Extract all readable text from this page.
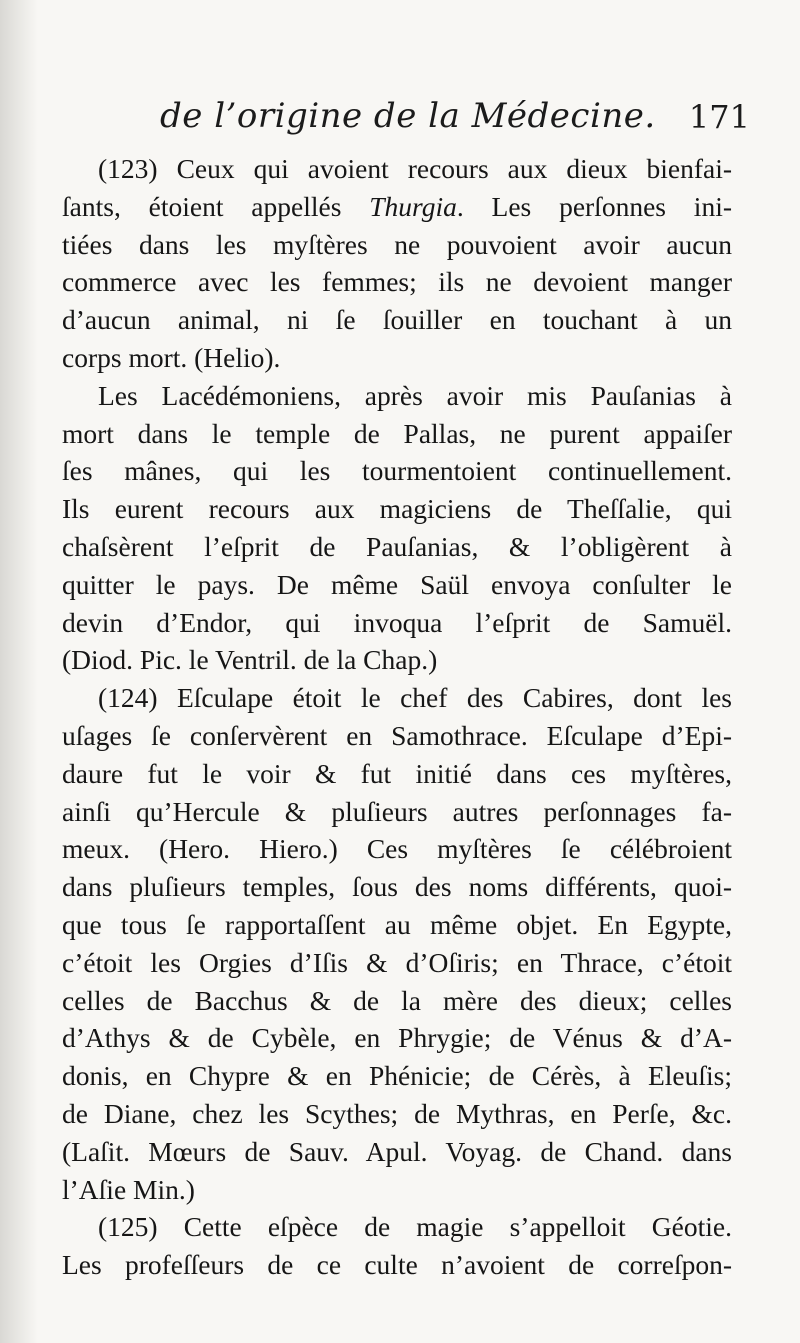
de l’origine de la Médecine. 171

(123) Ceux qui avoient recours aux dieux bienfai-
ſants, étoient appellés Thurgia. Les perſonnes ini-
tiées dans les myſtères ne pouvoient avoir aucun
commerce avec les femmes; ils ne devoient manger
d’aucun animal, ni ſe ſouiller en touchant à un
corps mort. (Helio).

Les Lacédémoniens, après avoir mis Pauſanias à
mort dans le temple de Pallas, ne purent appaiſer
ſes mânes, qui les tourmentoient continuellement.
Ils eurent recours aux magiciens de Theſſalie, qui
chaſsèrent l’eſprit de Pauſanias, & l’obligèrent à
quitter le pays. De même Saül envoya conſulter le
devin d’Endor, qui invoqua l’eſprit de Samuël.
(Diod. Pic. le Ventril. de la Chap.)

(124) Eſculape étoit le chef des Cabires, dont les
uſages ſe conſervèrent en Samothrace. Eſculape d’Epi-
daure fut le voir & fut initié dans ces myſtères,
ainſi qu’Hercule & pluſieurs autres perſonnages fa-
meux. (Hero. Hiero.) Ces myſtères ſe célébroient
dans pluſieurs temples, ſous des noms différents, quoi-
que tous ſe rapportaſſent au même objet. En Egypte,
c’étoit les Orgies d’Iſis & d’Oſiris; en Thrace, c’étoit
celles de Bacchus & de la mère des dieux; celles
d’Athys & de Cybèle, en Phrygie; de Vénus & d’A-
donis, en Chypre & en Phénicie; de Cérès, à Eleuſis;
de Diane, chez les Scythes; de Mythras, en Perſe, &c.
(Laſit. Mœurs de Sauv. Apul. Voyag. de Chand. dans
l’Aſie Min.)

(125) Cette eſpèce de magie s’appelloit Géotie.
Les profeſſeurs de ce culte n’avoient de correſpon-
